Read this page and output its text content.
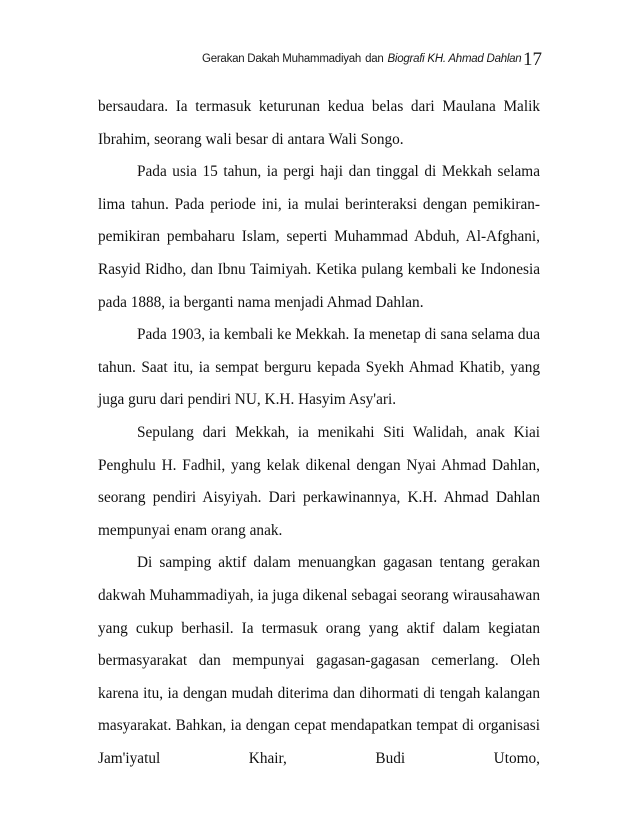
Gerakan Dakah Muhammadiyah dan Biografi KH. Ahmad Dahlan 17

bersaudara. Ia termasuk keturunan kedua belas dari Maulana Malik Ibrahim, seorang wali besar di antara Wali Songo.

Pada usia 15 tahun, ia pergi haji dan tinggal di Mekkah selama lima tahun. Pada periode ini, ia mulai berinteraksi dengan pemikiran-pemikiran pembaharu Islam, seperti Muhammad Abduh, Al-Afghani, Rasyid Ridho, dan Ibnu Taimiyah. Ketika pulang kembali ke Indonesia pada 1888, ia berganti nama menjadi Ahmad Dahlan.

Pada 1903, ia kembali ke Mekkah. Ia menetap di sana selama dua tahun. Saat itu, ia sempat berguru kepada Syekh Ahmad Khatib, yang juga guru dari pendiri NU, K.H. Hasyim Asy'ari.

Sepulang dari Mekkah, ia menikahi Siti Walidah, anak Kiai Penghulu H. Fadhil, yang kelak dikenal dengan Nyai Ahmad Dahlan, seorang pendiri Aisyiyah. Dari perkawinannya, K.H. Ahmad Dahlan mempunyai enam orang anak.

Di samping aktif dalam menuangkan gagasan tentang gerakan dakwah Muhammadiyah, ia juga dikenal sebagai seorang wirausahawan yang cukup berhasil. Ia termasuk orang yang aktif dalam kegiatan bermasyarakat dan mempunyai gagasan-gagasan cemerlang. Oleh karena itu, ia dengan mudah diterima dan dihormati di tengah kalangan masyarakat. Bahkan, ia dengan cepat mendapatkan tempat di organisasi Jam'iyatul Khair, Budi Utomo,
